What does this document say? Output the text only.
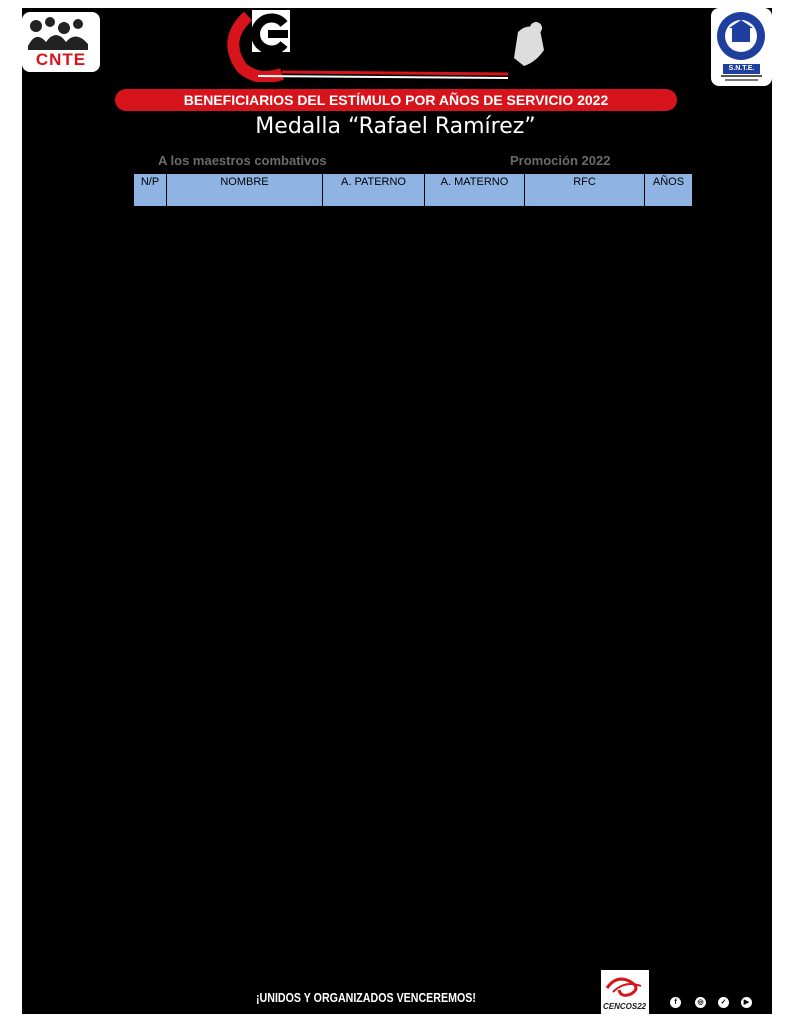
CNTE	S.N.T.E.
BENEFICIARIOS DEL ESTÍMULO POR AÑOS DE SERVICIO 2022
Medalla “Rafael Ramírez”
A los maestros combativos	Promoción 2022
N/P	NOMBRE	A. PATERNO	A. MATERNO	RFC	AÑOS
¡UNIDOS Y ORGANIZADOS VENCEREMOS!
CENCOS22	f	◎	✓	▶
